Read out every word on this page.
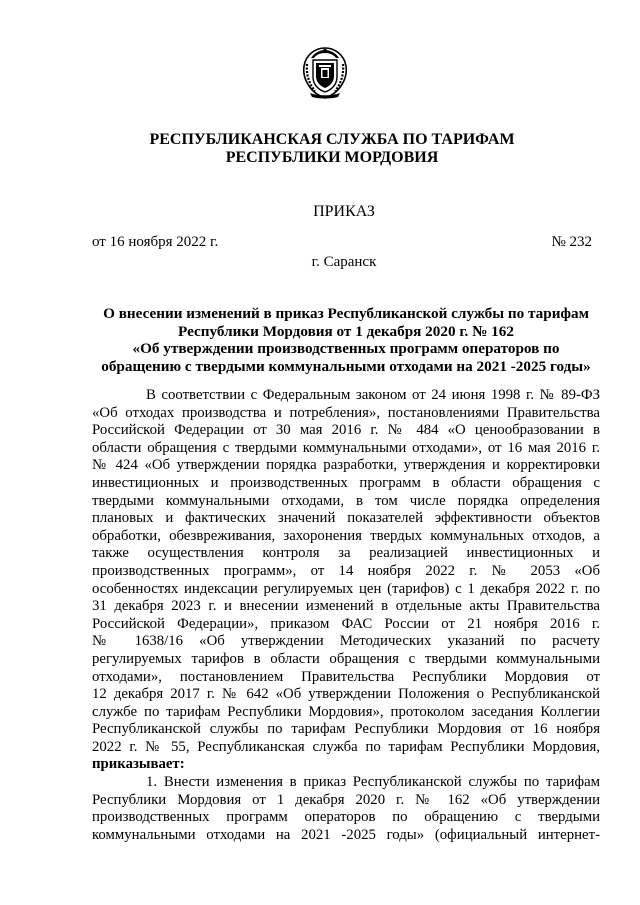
РЕСПУБЛИКАНСКАЯ СЛУЖБА ПО ТАРИФАМ
РЕСПУБЛИКИ МОРДОВИЯ
ПРИКАЗ
от 16 ноября 2022 г.	№ 232
г. Саранск
О внесении изменений в приказ Республиканской службы по тарифам
Республики Мордовия от 1 декабря 2020 г. № 162
«Об утверждении производственных программ операторов по
обращению с твердыми коммунальными отходами на 2021 -2025 годы»
В соответствии с Федеральным законом от 24 июня 1998 г. № 89-ФЗ
«Об отходах производства и потребления», постановлениями Правительства
Российской Федерации от 30 мая 2016 г. № 484 «О ценообразовании в
области обращения с твердыми коммунальными отходами», от 16 мая 2016 г.
№ 424 «Об утверждении порядка разработки, утверждения и корректировки
инвестиционных и производственных программ в области обращения с
твердыми коммунальными отходами, в том числе порядка определения
плановых и фактических значений показателей эффективности объектов
обработки, обезвреживания, захоронения твердых коммунальных отходов, а
также осуществления контроля за реализацией инвестиционных и
производственных программ», от 14 ноября 2022 г. № 2053 «Об
особенностях индексации регулируемых цен (тарифов) с 1 декабря 2022 г. по
31 декабря 2023 г. и внесении изменений в отдельные акты Правительства
Российской Федерации», приказом ФАС России от 21 ноября 2016 г.
№ 1638/16 «Об утверждении Методических указаний по расчету
регулируемых тарифов в области обращения с твердыми коммунальными
отходами», постановлением Правительства Республики Мордовия от
12 декабря 2017 г. № 642 «Об утверждении Положения о Республиканской
службе по тарифам Республики Мордовия», протоколом заседания Коллегии
Республиканской службы по тарифам Республики Мордовия от 16 ноября
2022 г. № 55, Республиканская служба по тарифам Республики Мордовия,
приказывает:
1. Внести изменения в приказ Республиканской службы по тарифам
Республики Мордовия от 1 декабря 2020 г. № 162 «Об утверждении
производственных программ операторов по обращению с твердыми
коммунальными отходами на 2021 -2025 годы» (официальный интернет-
